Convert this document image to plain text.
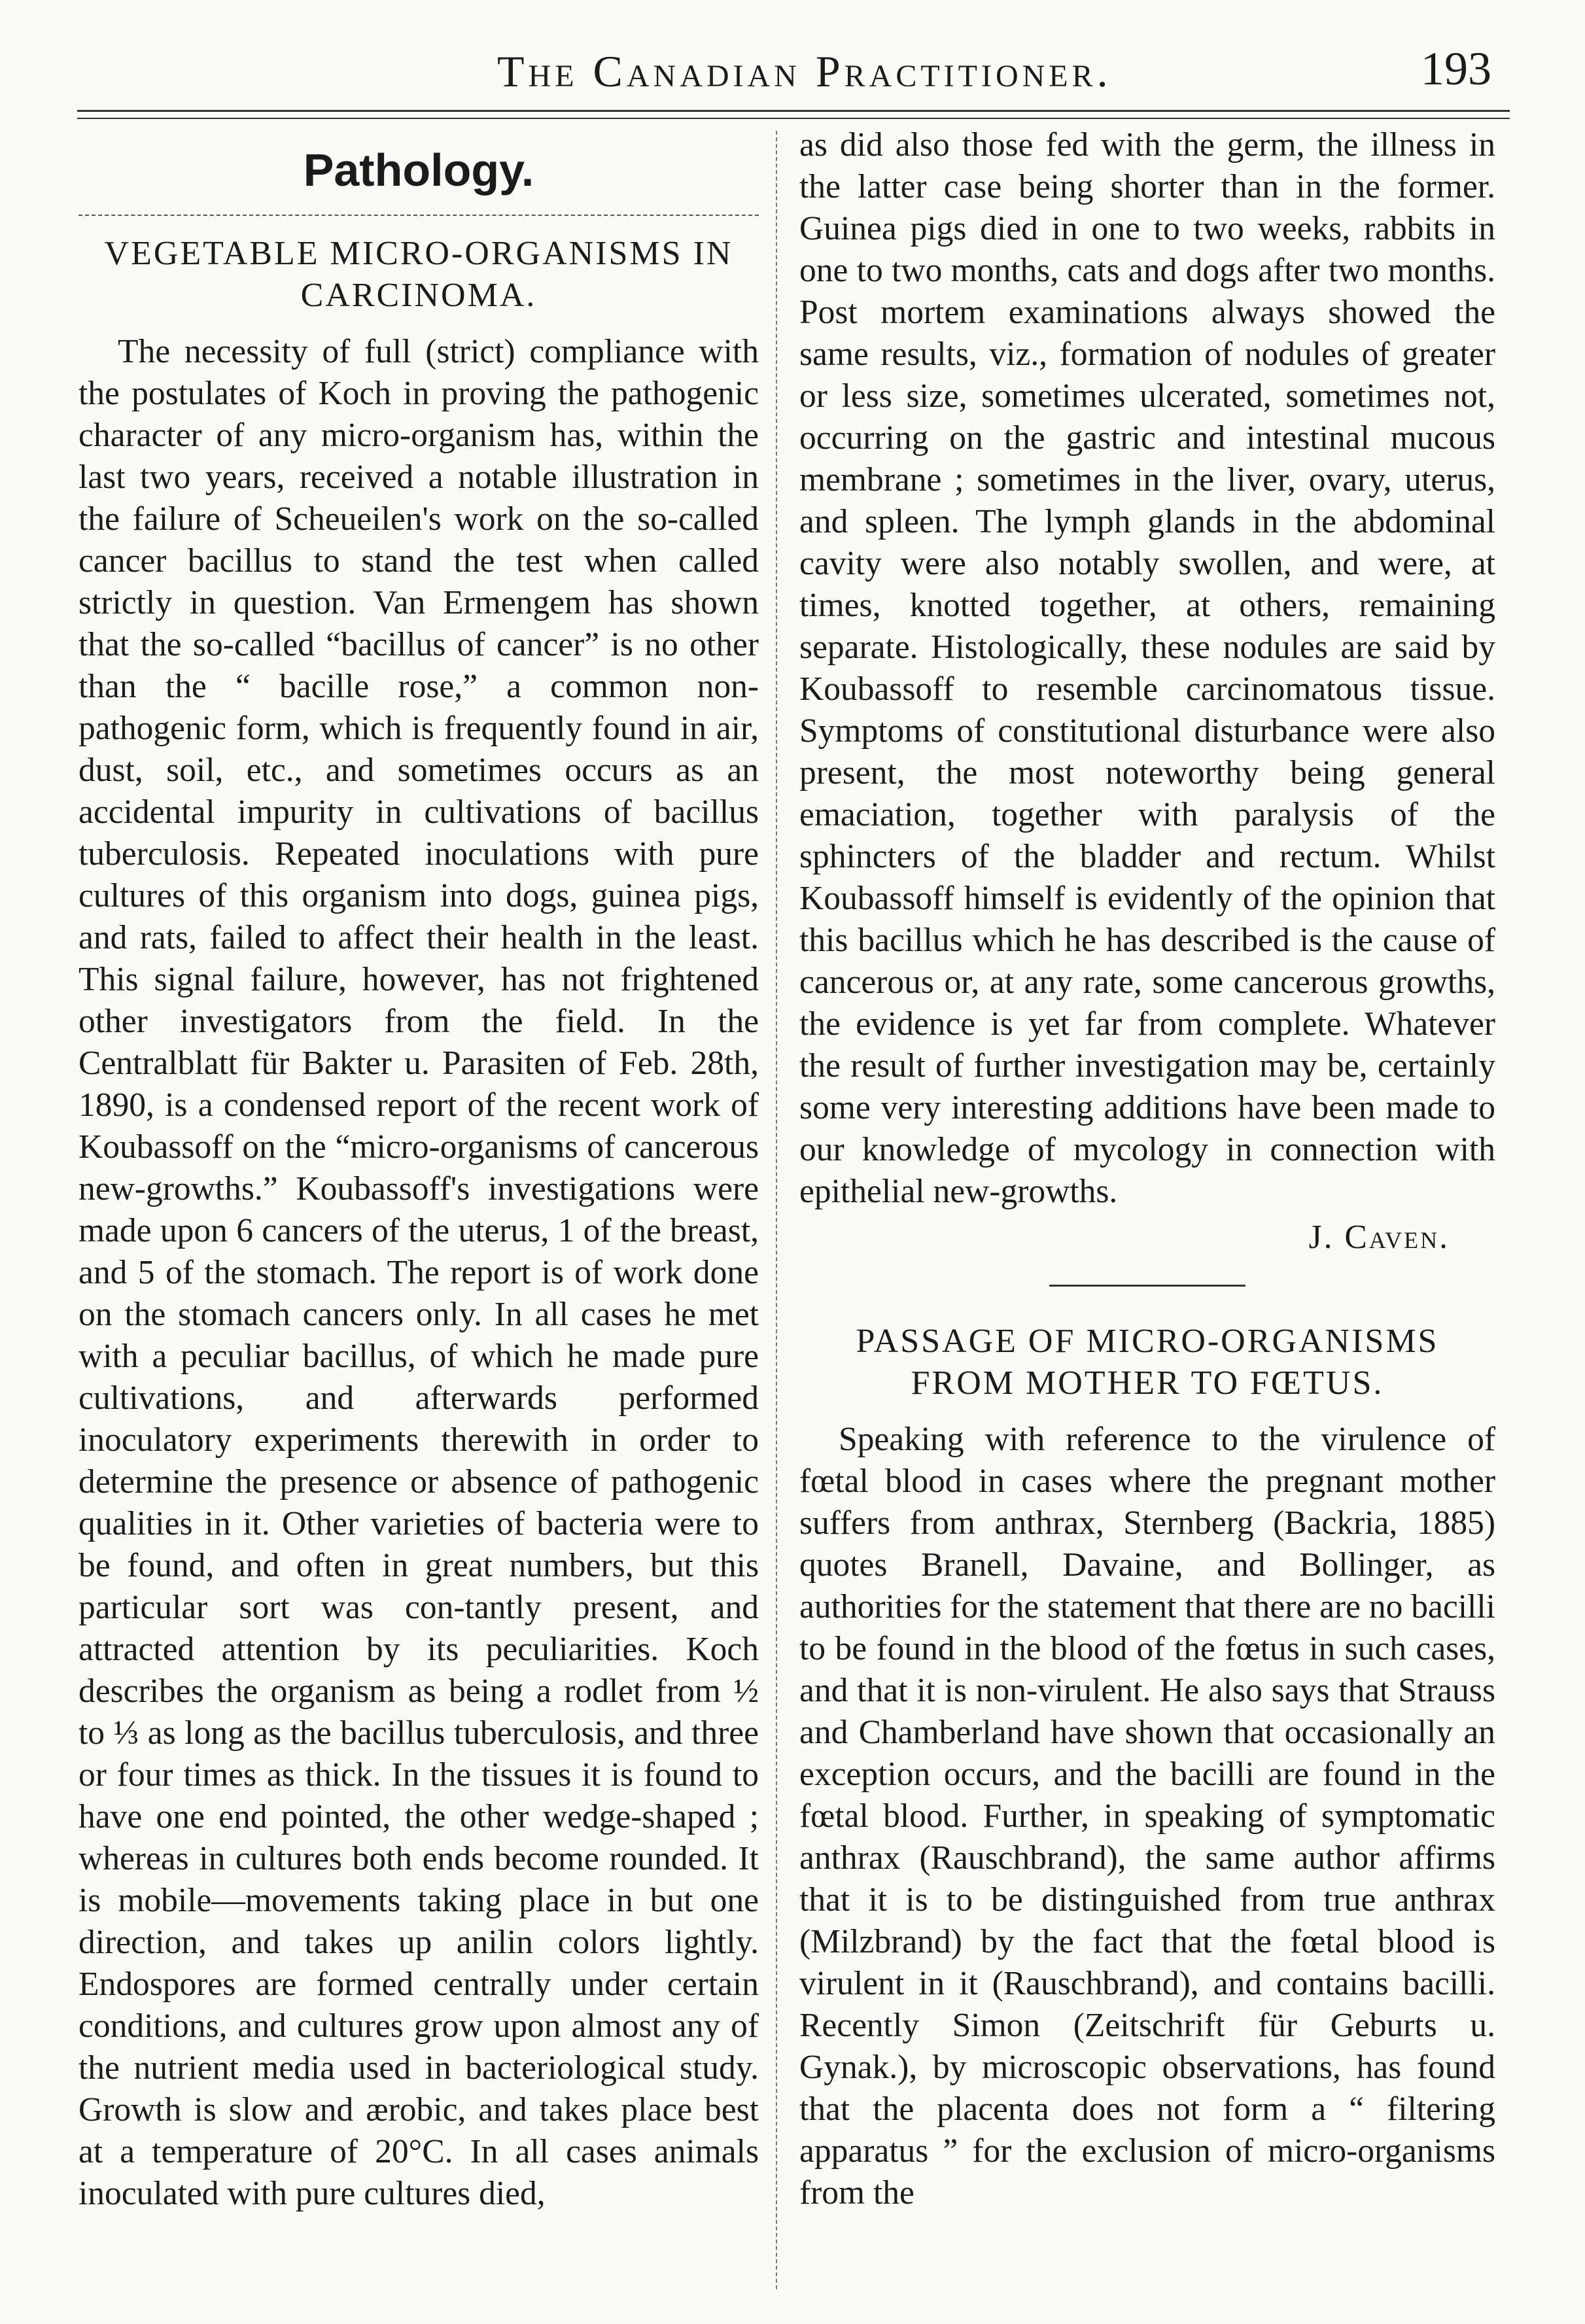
The Canadian Practitioner.	193
Pathology.
VEGETABLE MICRO-ORGANISMS IN CARCINOMA.

The necessity of full (strict) compliance with the postulates of Koch in proving the pathogenic character of any micro-organism has, within the last two years, received a notable illustration in the failure of Scheueilen's work on the so-called cancer bacillus to stand the test when called strictly in question. Van Ermengem has shown that the so-called “bacillus of cancer” is no other than the “ bacille rose,” a common non-pathogenic form, which is frequently found in air, dust, soil, etc., and sometimes occurs as an accidental impurity in cultivations of bacillus tuberculosis. Repeated inoculations with pure cultures of this organism into dogs, guinea pigs, and rats, failed to affect their health in the least. This signal failure, however, has not frightened other investigators from the field. In the Centralblatt für Bakter u. Parasiten of Feb. 28th, 1890, is a condensed report of the recent work of Koubassoff on the “micro-organisms of cancerous new-growths.” Koubassoff's investigations were made upon 6 cancers of the uterus, 1 of the breast, and 5 of the stomach. The report is of work done on the stomach cancers only. In all cases he met with a peculiar bacillus, of which he made pure cultivations, and afterwards performed inoculatory experiments therewith in order to determine the presence or absence of pathogenic qualities in it. Other varieties of bacteria were to be found, and often in great numbers, but this particular sort was con-tantly present, and attracted attention by its peculiarities. Koch describes the organism as being a rodlet from ½ to ⅓ as long as the bacillus tuberculosis, and three or four times as thick. In the tissues it is found to have one end pointed, the other wedge-shaped ; whereas in cultures both ends become rounded. It is mobile—movements taking place in but one direction, and takes up anilin colors lightly. Endospores are formed centrally under certain conditions, and cultures grow upon almost any of the nutrient media used in bacteriological study. Growth is slow and ærobic, and takes place best at a temperature of 20°C. In all cases animals inoculated with pure cultures died,

as did also those fed with the germ, the illness in the latter case being shorter than in the former. Guinea pigs died in one to two weeks, rabbits in one to two months, cats and dogs after two months. Post mortem examinations always showed the same results, viz., formation of nodules of greater or less size, sometimes ulcerated, sometimes not, occurring on the gastric and intestinal mucous membrane ; sometimes in the liver, ovary, uterus, and spleen. The lymph glands in the abdominal cavity were also notably swollen, and were, at times, knotted together, at others, remaining separate. Histologically, these nodules are said by Koubassoff to resemble carcinomatous tissue. Symptoms of constitutional disturbance were also present, the most noteworthy being general emaciation, together with paralysis of the sphincters of the bladder and rectum. Whilst Koubassoff himself is evidently of the opinion that this bacillus which he has described is the cause of cancerous or, at any rate, some cancerous growths, the evidence is yet far from complete. Whatever the result of further investigation may be, certainly some very interesting additions have been made to our knowledge of mycology in connection with epithelial new-growths.

J. Caven.
PASSAGE OF MICRO-ORGANISMS FROM MOTHER TO FŒTUS.

Speaking with reference to the virulence of fœtal blood in cases where the pregnant mother suffers from anthrax, Sternberg (Backria, 1885) quotes Branell, Davaine, and Bollinger, as authorities for the statement that there are no bacilli to be found in the blood of the fœtus in such cases, and that it is non-virulent. He also says that Strauss and Chamberland have shown that occasionally an exception occurs, and the bacilli are found in the fœtal blood. Further, in speaking of symptomatic anthrax (Rauschbrand), the same author affirms that it is to be distinguished from true anthrax (Milzbrand) by the fact that the fœtal blood is virulent in it (Rauschbrand), and contains bacilli. Recently Simon (Zeitschrift für Geburts u. Gynak.), by microscopic observations, has found that the placenta does not form a “ filtering apparatus ” for the exclusion of micro-organisms from the
